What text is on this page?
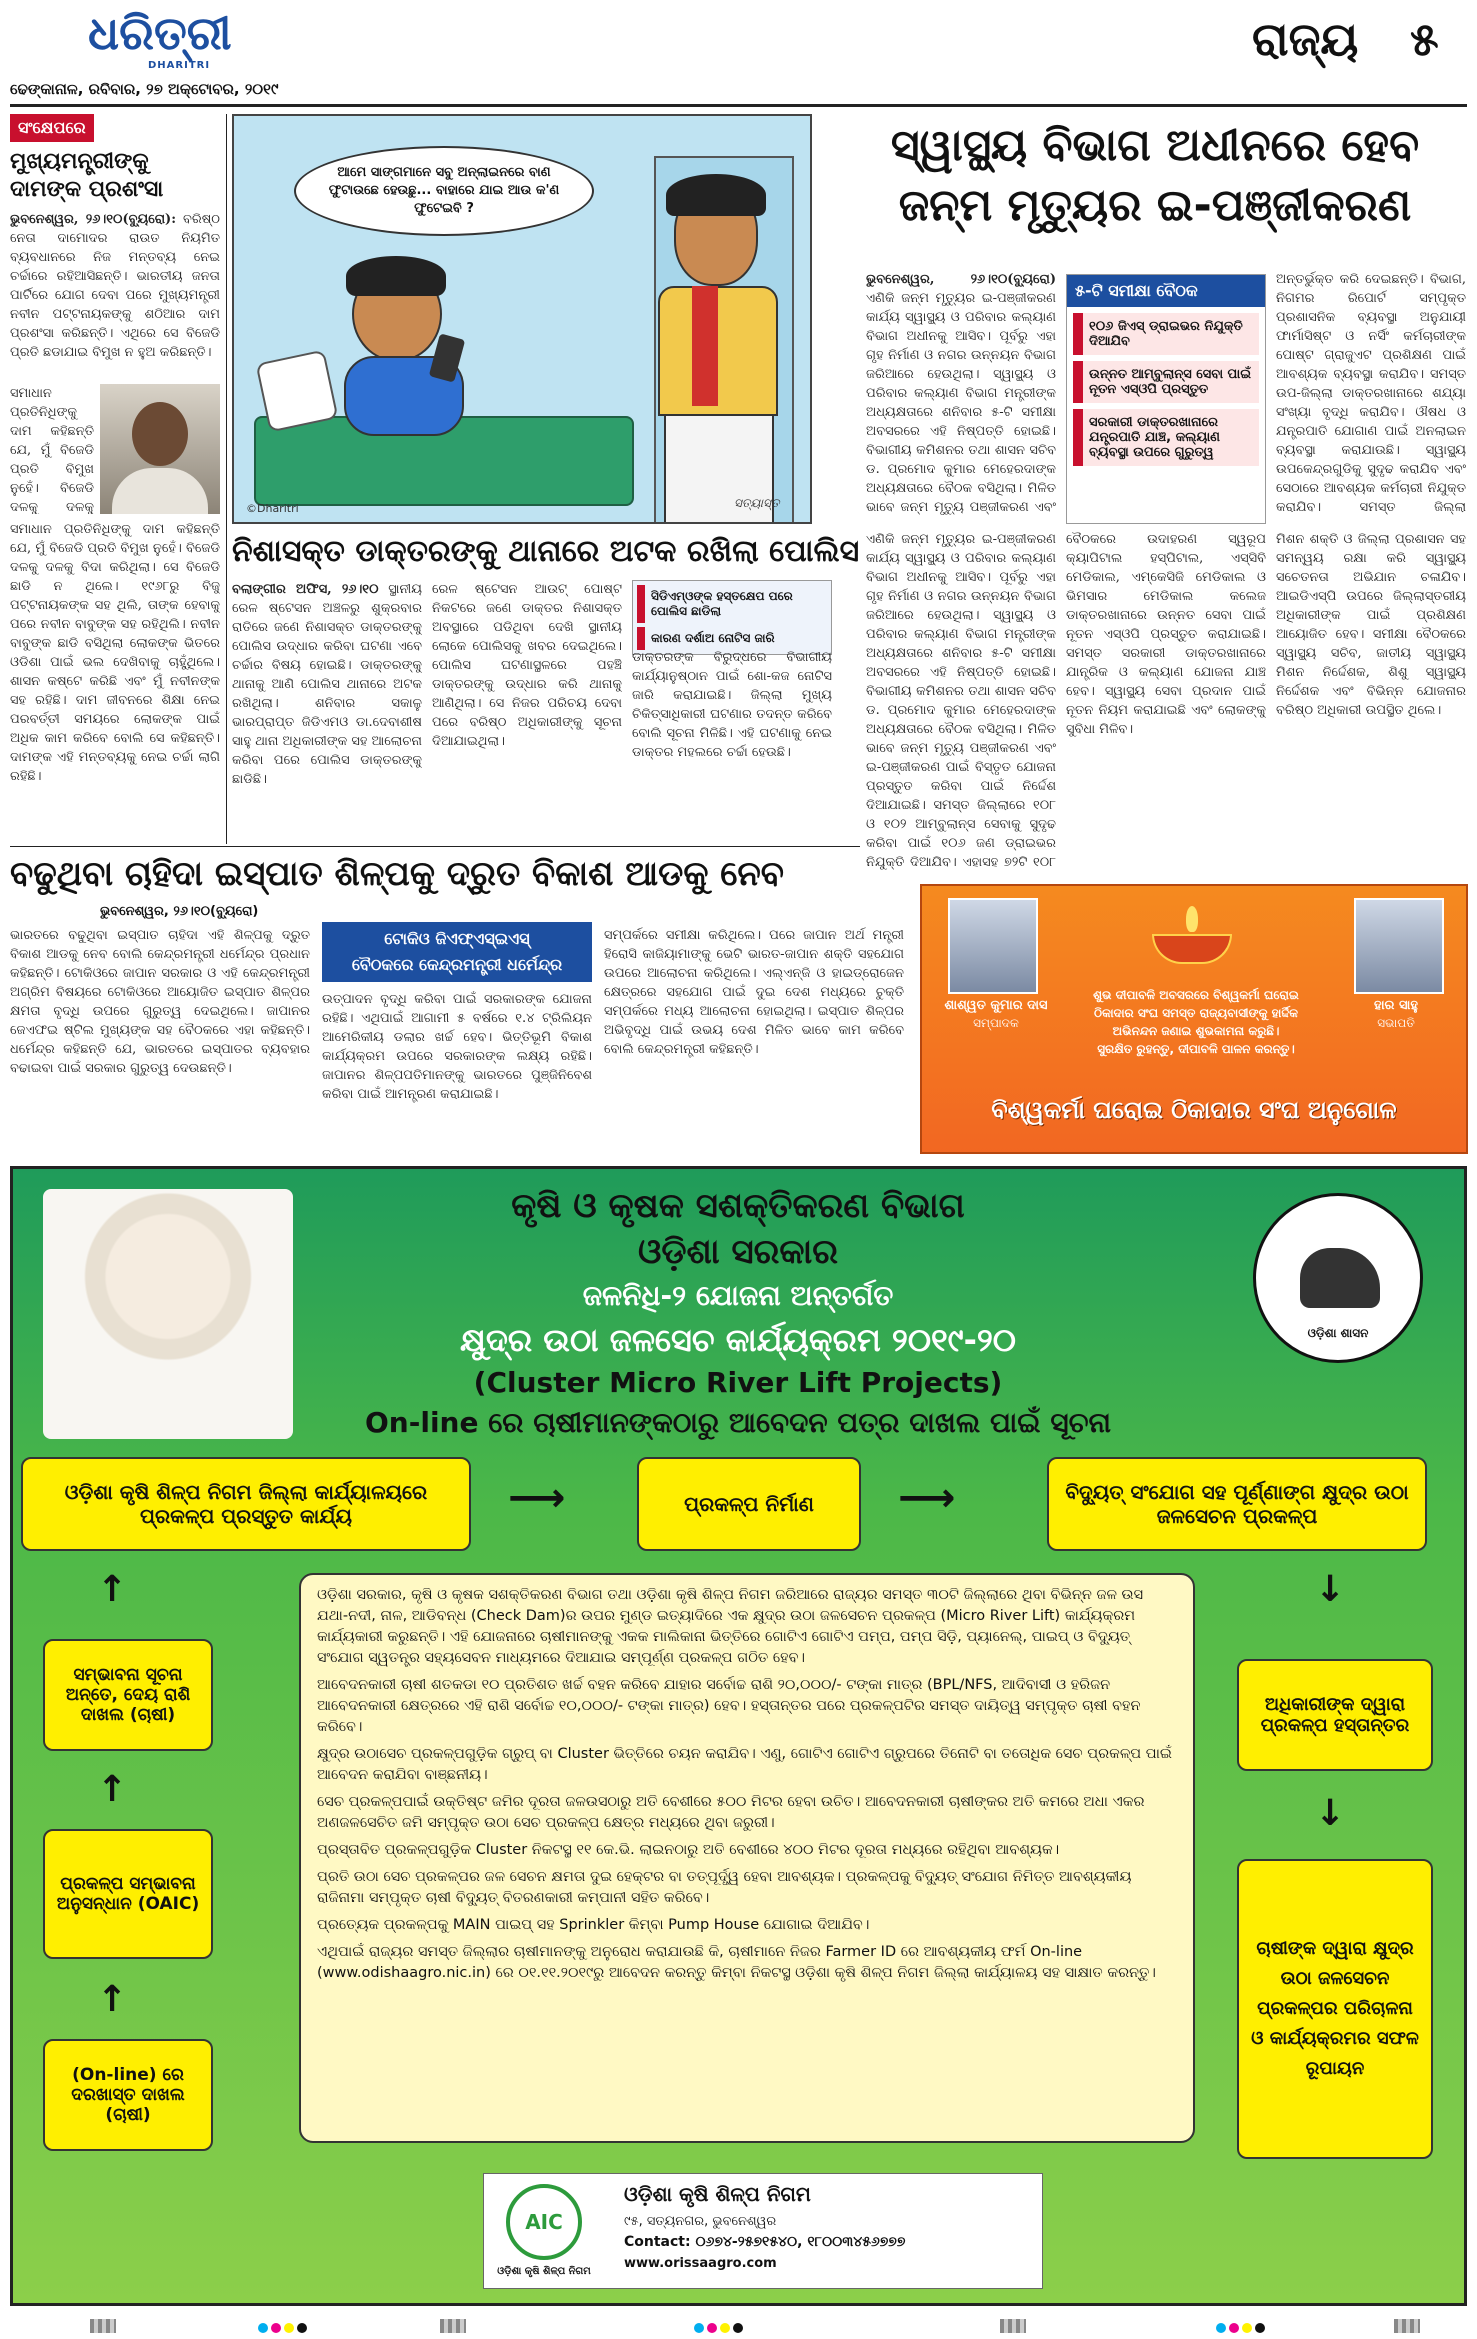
ଧରିତ୍ରୀ
DHARITRI
ଢେଙ୍କାନାଳ, ରବିବାର, ୨୭ ଅକ୍ଟୋବର, ୨୦୧୯
ରାଜ୍ୟ ୫
ସଂକ୍ଷେପରେ
ମୁଖ୍ୟମନ୍ତ୍ରୀଙ୍କୁ ଦାମଙ୍କ ପ୍ରଶଂସା
ଭୁବନେଶ୍ୱର, ୨୬।୧୦(ବ୍ୟୁରୋ): ବରିଷ୍ଠ ନେତା ଦାମୋଦର ରାଉତ ନିୟମିତ ବ୍ୟବଧାନରେ ନିଜ ମନ୍ତବ୍ୟ ନେଇ ଚର୍ଚ୍ଚାରେ ରହିଆସିଛନ୍ତି। ଭାରତୀୟ ଜନତା ପାର୍ଟିରେ ଯୋଗ ଦେବା ପରେ ମୁଖ୍ୟମନ୍ତ୍ରୀ ନବୀନ ପଟ୍ଟନାୟକଙ୍କୁ ଶଠିଆର ଦାମ ପ୍ରଶଂସା କରିଛନ୍ତି। ଏଥିରେ ସେ ବିଜେଡି ପ୍ରତି ଛଡାଯାଇ ବିମୁଖ ନ ହୁଅ କରିଛନ୍ତି।
ସମାଧାନ ପ୍ରତିନିଧିଙ୍କୁ ଦାମ କହିଛନ୍ତି ଯେ, ମୁଁ ବିଜେଡି ପ୍ରତି ବିମୁଖ ନୁହେଁ। ବିଜେଡି ଦଳକୁ ଦଳକୁ
ସମାଧାନ ପ୍ରତିନିଧିଙ୍କୁ ଦାମ କହିଛନ୍ତି ଯେ, ମୁଁ ବିଜେଡି ପ୍ରତି ବିମୁଖ ନୁହେଁ। ବିଜେଡି ଦଳକୁ ଦଳକୁ ବିଦା କରିଥିଲା। ସେ ବିଜେଡି ଛାଡି ନ ଥିଲେ। ୧୯୬୮ରୁ ବିଜୁ ପଟ୍ଟନାୟକଙ୍କ ସହ ଥିଲି, ତାଙ୍କ ହେବାକୁ ପରେ ନବୀନ ବାବୁଙ୍କ ସହ ରହିଥିଲି। ନବୀନ ବାବୁଙ୍କ ଛାଡି ବସିଥିଲା ଲୋକଙ୍କ ଭିତରେ ଓଡିଶା ପାଇଁ ଭଲ ଦେଖିବାକୁ ଚାହୁଁଥିଲେ। ଶାସନ କଷ୍ଟେ କରିଛି ଏବଂ ମୁଁ ନବୀନଙ୍କ ସହ ରହିଛି। ଦାମ ଜୀବନରେ ଶିକ୍ଷା ନେଇ ପରବର୍ତ୍ତୀ ସମୟରେ ଲୋକଙ୍କ ପାଇଁ ଅଧିକ କାମ କରିବେ ବୋଲି ସେ କହିଛନ୍ତି। ଦାମଙ୍କ ଏହି ମନ୍ତବ୍ୟକୁ ନେଇ ଚର୍ଚ୍ଚା ଲାଗି ରହିଛି।
ଆମେ ସାଙ୍ଗମାନେ ସବୁ ଅନ୍‌ଲାଇନରେ ବାଣ ଫୁଟାଉଛେ ହେଉଛୁ... ବାହାରେ ଯାଇ ଆଉ କ'ଣ ଫୁଟେଇବି ?
©Dharitri	ସତ୍ୟାସ୍ତ
ନିଶାସକ୍ତ ଡାକ୍ତରଙ୍କୁ ଥାନାରେ ଅଟକ ରଖିଲା ପୋଲିସ
ବଲାଙ୍ଗୀର ଅଫିସ, ୨୬।୧୦ ସ୍ଥାନୀୟ ରେଳ ଷ୍ଟେସନ ଅଞ୍ଚଳରୁ ଶୁକ୍ରବାର ରାତିରେ ଜଣେ ନିଶାସକ୍ତ ଡାକ୍ତରଙ୍କୁ ପୋଲିସ ଉଦ୍ଧାର କରିବା ଘଟଣା ଏବେ ଚର୍ଚ୍ଚାର ବିଷୟ ହୋଇଛି। ଡାକ୍ତରଙ୍କୁ ଥାନାକୁ ଆଣି ପୋଲିସ ଥାନାରେ ଅଟକ ରଖିଥିଲା। ଶନିବାର ସକାଳୁ ଭାରପ୍ରାପ୍ତ ଜିଡିଏମଓ ଡା.ଦେବାଶୀଷ ସାହୁ ଥାନା ଅଧିକାରୀଙ୍କ ସହ ଆଲୋଚନା କରିବା ପରେ ପୋଲିସ ଡାକ୍ତରଙ୍କୁ ଛାଡିଛି।
ରେଳ ଷ୍ଟେସନ ଆଉଟ୍‌ ପୋଷ୍ଟ ନିକଟରେ ଜଣେ ଡାକ୍ତର ନିଶାସକ୍ତ ଅବସ୍ଥାରେ ପଡିଥିବା ଦେଖି ସ୍ଥାନୀୟ ଲୋକେ ପୋଲିସକୁ ଖବର ଦେଇଥିଲେ। ପୋଲିସ ଘଟଣାସ୍ଥଳରେ ପହଞ୍ଚି ଡାକ୍ତରଙ୍କୁ ଉଦ୍ଧାର କରି ଥାନାକୁ ଆଣିଥିଲା। ସେ ନିଜର ପରିଚୟ ଦେବା ପରେ ବରିଷ୍ଠ ଅଧିକାରୀଙ୍କୁ ସୂଚନା ଦିଆଯାଇଥିଲା।
ସିଡିଏମ୍‌ଓଙ୍କ ହସ୍ତକ୍ଷେପ ପରେ ପୋଲିସ ଛାଡିଲା
କାରଣ ଦର୍ଶାଅ ନୋଟିସ ଜାରି
ଡାକ୍ତରଙ୍କ ବିରୁଦ୍ଧରେ ବିଭାଗୀୟ କାର୍ଯ୍ୟାନୁଷ୍ଠାନ ପାଇଁ ଶୋ-କଜ ନୋଟିସ ଜାରି କରାଯାଇଛି। ଜିଲ୍ଲା ମୁଖ୍ୟ ଚିକିତ୍ସାଧିକାରୀ ଘଟଣାର ତଦନ୍ତ କରିବେ ବୋଲି ସୂଚନା ମିଳିଛି। ଏହି ଘଟଣାକୁ ନେଇ ଡାକ୍ତର ମହଲରେ ଚର୍ଚ୍ଚା ହେଉଛି।
ସ୍ୱାସ୍ଥ୍ୟ ବିଭାଗ ଅଧୀନରେ ହେବ
ଜନ୍ମ ମୃତ୍ୟୁର ଇ-ପଞ୍ଜୀକରଣ
ଭୁବନେଶ୍ୱର, ୨୬।୧୦(ବ୍ୟୁରୋ) ଏଣିକି ଜନ୍ମ ମୃତ୍ୟୁର ଇ-ପଞ୍ଜୀକରଣ କାର୍ଯ୍ୟ ସ୍ୱାସ୍ଥ୍ୟ ଓ ପରିବାର କଲ୍ୟାଣ ବିଭାଗ ଅଧୀନକୁ ଆସିବ। ପୂର୍ବରୁ ଏହା ଗୃହ ନିର୍ମାଣ ଓ ନଗର ଉନ୍ନୟନ ବିଭାଗ ଜରିଆରେ ହେଉଥିଲା। ସ୍ୱାସ୍ଥ୍ୟ ଓ ପରିବାର କଲ୍ୟାଣ ବିଭାଗ ମନ୍ତ୍ରୀଙ୍କ ଅଧ୍ୟକ୍ଷତାରେ ଶନିବାର ୫-ଟି ସମୀକ୍ଷା ଅବସରରେ ଏହି ନିଷ୍ପତ୍ତି ହୋଇଛି। ବିଭାଗୀୟ କମିଶନର ତଥା ଶାସନ ସଚିବ ଡ. ପ୍ରମୋଦ କୁମାର ମେହେରଦାଙ୍କ ଅଧ୍ୟକ୍ଷତାରେ ବୈଠକ ବସିଥିଲା। ମିଳିତ ଭାବେ ଜନ୍ମ ମୃତ୍ୟୁ ପଞ୍ଜୀକରଣ ଏବଂ
୫-ଟି ସମୀକ୍ଷା ବୈଠକ
୧୦୬ ଜିଏସ୍ ଡ୍ରାଇଭର ନିଯୁକ୍ତି ଦିଆଯିବ
ଉନ୍ନତ ଆମ୍ବୁଲାନ୍ସ ସେବା ପାଇଁ ନୂତନ ଏସ୍‌ଓପି ପ୍ରସ୍ତୁତ
ସରକାରୀ ଡାକ୍ତରଖାନାରେ ଯନ୍ତ୍ରପାତି ଯାଞ୍ଚ, କଲ୍ୟାଣ ବ୍ୟବସ୍ଥା ଉପରେ ଗୁରୁତ୍ୱ
ଅନ୍ତର୍ଭୁକ୍ତ କରି ଦେଇଛନ୍ତି। ବିଭାଗ, ନିଗମର ରିପୋର୍ଟ ସମ୍ପୃକ୍ତ ପ୍ରଶାସନିକ ବ୍ୟବସ୍ଥା ଅନୁଯାୟୀ ଫାର୍ମାସିଷ୍ଟ ଓ ନର୍ସିଂ କର୍ମଚାରୀଙ୍କ ପୋଷ୍ଟ ଗ୍ରାଜୁଏଟ ପ୍ରଶିକ୍ଷଣ ପାଇଁ ଆବଶ୍ୟକ ବ୍ୟବସ୍ଥା କରାଯିବ। ସମସ୍ତ ଉପ-ଜିଲ୍ଲା ଡାକ୍ତରଖାନାରେ ଶଯ୍ୟା ସଂଖ୍ୟା ବୃଦ୍ଧି କରାଯିବ। ଔଷଧ ଓ ଯନ୍ତ୍ରପାତି ଯୋଗାଣ ପାଇଁ ଅନଲାଇନ ବ୍ୟବସ୍ଥା କରାଯାଉଛି। ସ୍ୱାସ୍ଥ୍ୟ ଉପକେନ୍ଦ୍ରଗୁଡିକୁ ସୁଦୃଢ କରାଯିବ ଏବଂ ସେଠାରେ ଆବଶ୍ୟକ କର୍ମଚାରୀ ନିଯୁକ୍ତ କରାଯିବ। ସମସ୍ତ ଜିଲ୍ଲା
ବୈଠକରେ ଉଦାହରଣ ସ୍ୱରୂପ କ୍ୟାପିଟାଲ ହସ୍ପିଟାଲ, ଏସ୍‌ସିବି ମେଡିକାଲ, ଏମ୍‌କେସିଜି ମେଡିକାଲ ଓ ଭିମସାର ମେଡିକାଲ କଲେଜ ଡାକ୍ତରଖାନାରେ ଉନ୍ନତ ସେବା ପାଇଁ ନୂତନ ଏସ୍‌ଓପି ପ୍ରସ୍ତୁତ କରାଯାଇଛି। ସମସ୍ତ ସରକାରୀ ଡାକ୍ତରଖାନାରେ ଯାନ୍ତ୍ରିକ ଓ କଲ୍ୟାଣ ଯୋଜନା ଯାଞ୍ଚ ହେବ। ସ୍ୱାସ୍ଥ୍ୟ ସେବା ପ୍ରଦାନ ପାଇଁ ନୂତନ ନିୟମ କରାଯାଇଛି ଏବଂ ଲୋକଙ୍କୁ ସୁବିଧା ମିଳିବ।
ମିଶନ ଶକ୍ତି ଓ ଜିଲ୍ଲା ପ୍ରଶାସନ ସହ ସମନ୍ୱୟ ରକ୍ଷା କରି ସ୍ୱାସ୍ଥ୍ୟ ସଚେତନତା ଅଭିଯାନ ଚଳାଯିବ। ଆଇଡିଏସ୍‌ପି ଉପରେ ଜିଲ୍ଲାସ୍ତରୀୟ ଅଧିକାରୀଙ୍କ ପାଇଁ ପ୍ରଶିକ୍ଷଣ ଆୟୋଜିତ ହେବ। ସମୀକ୍ଷା ବୈଠକରେ ସ୍ୱାସ୍ଥ୍ୟ ସଚିବ, ଜାତୀୟ ସ୍ୱାସ୍ଥ୍ୟ ମିଶନ ନିର୍ଦ୍ଦେଶକ, ଶିଶୁ ସ୍ୱାସ୍ଥ୍ୟ ନିର୍ଦ୍ଦେଶକ ଏବଂ ବିଭିନ୍ନ ଯୋଜନାର ବରିଷ୍ଠ ଅଧିକାରୀ ଉପସ୍ଥିତ ଥିଲେ।
ଏଣିକି ଜନ୍ମ ମୃତ୍ୟୁର ଇ-ପଞ୍ଜୀକରଣ କାର୍ଯ୍ୟ ସ୍ୱାସ୍ଥ୍ୟ ଓ ପରିବାର କଲ୍ୟାଣ ବିଭାଗ ଅଧୀନକୁ ଆସିବ। ପୂର୍ବରୁ ଏହା ଗୃହ ନିର୍ମାଣ ଓ ନଗର ଉନ୍ନୟନ ବିଭାଗ ଜରିଆରେ ହେଉଥିଲା। ସ୍ୱାସ୍ଥ୍ୟ ଓ ପରିବାର କଲ୍ୟାଣ ବିଭାଗ ମନ୍ତ୍ରୀଙ୍କ ଅଧ୍ୟକ୍ଷତାରେ ଶନିବାର ୫-ଟି ସମୀକ୍ଷା ଅବସରରେ ଏହି ନିଷ୍ପତ୍ତି ହୋଇଛି। ବିଭାଗୀୟ କମିଶନର ତଥା ଶାସନ ସଚିବ ଡ. ପ୍ରମୋଦ କୁମାର ମେହେରଦାଙ୍କ ଅଧ୍ୟକ୍ଷତାରେ ବୈଠକ ବସିଥିଲା। ମିଳିତ ଭାବେ ଜନ୍ମ ମୃତ୍ୟୁ ପଞ୍ଜୀକରଣ ଏବଂ ଇ-ପଞ୍ଜୀକରଣ ପାଇଁ ବିସ୍ତୃତ ଯୋଜନା ପ୍ରସ୍ତୁତ କରିବା ପାଇଁ ନିର୍ଦ୍ଦେଶ ଦିଆଯାଇଛି। ସମସ୍ତ ଜିଲ୍ଲାରେ ୧୦୮ ଓ ୧୦୨ ଆମ୍ବୁଲାନ୍ସ ସେବାକୁ ସୁଦୃଢ କରିବା ପାଇଁ ୧୦୬ ଜଣ ଡ୍ରାଇଭର ନିଯୁକ୍ତି ଦିଆଯିବ। ଏହାସହ ୭୨ଟି ୧୦୮
ବଢୁଥିବା ଚାହିଦା ଇସ୍ପାତ ଶିଳ୍ପକୁ ଦ୍ରୁତ ବିକାଶ ଆଡକୁ ନେବ
ଭୁବନେଶ୍ୱର, ୨୬।୧୦(ବ୍ୟୁରୋ)
ଭାରତରେ ବଢୁଥିବା ଇସ୍ପାତ ଚାହିଦା ଏହି ଶିଳ୍ପକୁ ଦ୍ରୁତ ବିକାଶ ଆଡକୁ ନେବ ବୋଲି କେନ୍ଦ୍ରମନ୍ତ୍ରୀ ଧର୍ମେନ୍ଦ୍ର ପ୍ରଧାନ କହିଛନ୍ତି। ଟୋକିଓରେ ଜାପାନ ସରକାର ଓ ଏହି କେନ୍ଦ୍ରମନ୍ତ୍ରୀ ଅଗ୍ରିମ ବିଷୟରେ ଟୋକିଓରେ ଆୟୋଜିତ ଇସ୍ପାତ ଶିଳ୍ପର କ୍ଷମତା ବୃଦ୍ଧି ଉପରେ ଗୁରୁତ୍ୱ ଦେଇଥିଲେ। ଜାପାନର ଜେଏଫଇ ଷ୍ଟିଲ ମୁଖ୍ୟଙ୍କ ସହ ବୈଠକରେ ଏହା କହିଛନ୍ତି। ଧର୍ମେନ୍ଦ୍ର କହିଛନ୍ତି ଯେ, ଭାରତରେ ଇସ୍ପାତର ବ୍ୟବହାର ବଢାଇବା ପାଇଁ ସରକାର ଗୁରୁତ୍ୱ ଦେଉଛନ୍ତି।
ଟୋକିଓ ଜିଏଫ୍‌ଏସ୍‌ଇଏସ୍
ବୈଠକରେ କେନ୍ଦ୍ରମନ୍ତ୍ରୀ ଧର୍ମେନ୍ଦ୍ର
ଉତ୍ପାଦନ ବୃଦ୍ଧି କରିବା ପାଇଁ ସରକାରଙ୍କ ଯୋଜନା ରହିଛି। ଏଥିପାଇଁ ଆଗାମୀ ୫ ବର୍ଷରେ ୧.୪ ଟ୍ରିଲିୟନ ଆମେରିକୀୟ ଡଲାର ଖର୍ଚ୍ଚ ହେବ। ଭିତ୍ତିଭୂମି ବିକାଶ କାର୍ଯ୍ୟକ୍ରମ ଉପରେ ସରକାରଙ୍କ ଲକ୍ଷ୍ୟ ରହିଛି। ଜାପାନର ଶିଳ୍ପପତିମାନଙ୍କୁ ଭାରତରେ ପୁଞ୍ଜିନିବେଶ କରିବା ପାଇଁ ଆମନ୍ତ୍ରଣ କରାଯାଇଛି।
ସମ୍ପର୍କରେ ସମୀକ୍ଷା କରିଥିଲେ। ପରେ ଜାପାନ ଅର୍ଥ ମନ୍ତ୍ରୀ ହିରୋସି କାଜିୟାମାଙ୍କୁ ଭେଟି ଭାରତ-ଜାପାନ ଶକ୍ତି ସହଯୋଗ ଉପରେ ଆଲୋଚନା କରିଥିଲେ। ଏଲ୍‌ଏନ୍‌ଜି ଓ ହାଇଡ୍ରୋଜେନ କ୍ଷେତ୍ରରେ ସହଯୋଗ ପାଇଁ ଦୁଇ ଦେଶ ମଧ୍ୟରେ ଚୁକ୍ତି ସମ୍ପର୍କରେ ମଧ୍ୟ ଆଲୋଚନା ହୋଇଥିଲା। ଇସ୍ପାତ ଶିଳ୍ପର ଅଭିବୃଦ୍ଧି ପାଇଁ ଉଭୟ ଦେଶ ମିଳିତ ଭାବେ କାମ କରିବେ ବୋଲି କେନ୍ଦ୍ରମନ୍ତ୍ରୀ କହିଛନ୍ତି।
ଶାଶ୍ୱତ କୁମାର ଦାସ
ସମ୍ପାଦକ
ହାର ସାହୁ
ସଭାପତି
ଶୁଭ ଦୀପାବଳି ଅବସରରେ ବିଶ୍ୱକର୍ମା ଘରୋଇ
ଠିକାଦାର ସଂଘ ସମସ୍ତ ରାଜ୍ୟବାସୀଙ୍କୁ ହାର୍ଦ୍ଦିକ
ଅଭିନନ୍ଦନ ଜଣାଇ ଶୁଭକାମନା କରୁଛି।
ସୁରକ୍ଷିତ ରୁହନ୍ତୁ, ଦୀପାବଳି ପାଳନ କରନ୍ତୁ।
ବିଶ୍ୱକର୍ମା ଘରୋଇ ଠିକାଦାର ସଂଘ ଅନୁଗୋଳ
କୃଷି ଓ କୃଷକ ସଶକ୍ତିକରଣ ବିଭାଗ
ଓଡ଼ିଶା ସରକାର
ଜଳନିଧି-୨ ଯୋଜନା ଅନ୍ତର୍ଗତ
କ୍ଷୁଦ୍ର ଉଠା ଜଳସେଚ କାର୍ଯ୍ୟକ୍ରମ ୨୦୧୯-୨୦
(Cluster Micro River Lift Projects)
On-line ରେ ଚାଷୀମାନଙ୍କଠାରୁ ଆବେଦନ ପତ୍ର ଦାଖଲ ପାଇଁ ସୂଚନା
ଓଡ଼ିଶା ଶାସନ
ଓଡ଼ିଶା କୃଷି ଶିଳ୍ପ ନିଗମ ଜିଲ୍ଲା କାର୍ଯ୍ୟାଳୟରେ ପ୍ରକଳ୍ପ ପ୍ରସ୍ତୁତ କାର୍ଯ୍ୟ	⟶	ପ୍ରକଳ୍ପ ନିର୍ମାଣ	⟶	ବିଦ୍ୟୁତ୍ ସଂଯୋଗ ସହ ପୂର୍ଣ୍ଣାଙ୍ଗ କ୍ଷୁଦ୍ର ଉଠା ଜଳସେଚନ ପ୍ରକଳ୍ପ
↑
ସମ୍ଭାବନା ସୂଚନା ଅନ୍ତେ, ଦେୟ ରାଶି ଦାଖଲ (ଚାଷୀ)
↑
ପ୍ରକଳ୍ପ ସମ୍ଭାବନା ଅନୁସନ୍ଧାନ (OAIC)
↑
(On-line) ରେ ଦରଖାସ୍ତ ଦାଖଲ (ଚାଷୀ)
↓
ଅଧିକାରୀଙ୍କ ଦ୍ୱାରା ପ୍ରକଳ୍ପ ହସ୍ତାନ୍ତର
↓
ଚାଷୀଙ୍କ ଦ୍ୱାରା କ୍ଷୁଦ୍ର ଉଠା ଜଳସେଚନ ପ୍ରକଳ୍ପର ପରିଚାଳନା ଓ କାର୍ଯ୍ୟକ୍ରମର ସଫଳ ରୂପାୟନ

ଓଡ଼ିଶା ସରକାର, କୃଷି ଓ କୃଷକ ସଶକ୍ତିକରଣ ବିଭାଗ ତଥା ଓଡ଼ିଶା କୃଷି ଶିଳ୍ପ ନିଗମ ଜରିଆରେ ରାଜ୍ୟର ସମସ୍ତ ୩୦ଟି ଜିଲ୍ଲାରେ ଥିବା ବିଭିନ୍ନ ଜଳ ଉସ ଯଥା-ନଦୀ, ନାଳ, ଆଡିବନ୍ଧ (Check Dam)ର ଉପର ମୁଣ୍ଡ ଇତ୍ୟାଦିରେ ଏକ କ୍ଷୁଦ୍ର ଉଠା ଜଳସେଚନ ପ୍ରକଳ୍ପ (Micro River Lift) କାର୍ଯ୍ୟକ୍ରମ କାର୍ଯ୍ୟକାରୀ କରୁଛନ୍ତି। ଏହି ଯୋଜନାରେ ଚାଷୀମାନଙ୍କୁ ଏକକ ମାଲିକାନା ଭିତ୍ତିରେ ଗୋଟିଏ ଗୋଟିଏ ପମ୍ପ, ପମ୍ପ ସିଡ଼ି, ପ୍ୟାନେଲ୍, ପାଇପ୍ ଓ ବିଦ୍ୟୁତ୍ ସଂଯୋଗ ସ୍ୱତନ୍ତ୍ର ସହ୍ୟସେବନ ମାଧ୍ୟମରେ ଦିଆଯାଇ ସମ୍ପୂର୍ଣ୍ଣ ପ୍ରକଳ୍ପ ଗଠିତ ହେବ।

ଆବେଦନକାରୀ ଚାଷୀ ଶତକଡା ୧୦ ପ୍ରତିଶତ ଖର୍ଚ୍ଚ ବହନ କରିବେ ଯାହାର ସର୍ବୋଚ୍ଚ ରାଶି ୨୦,୦୦୦/- ଟଙ୍କା ମାତ୍ର (BPL/NFS, ଆଦିବାସୀ ଓ ହରିଜନ ଆବେଦନକାରୀ କ୍ଷେତ୍ରରେ ଏହି ରାଶି ସର୍ବୋଚ୍ଚ ୧୦,୦୦୦/- ଟଙ୍କା ମାତ୍ର) ହେବ। ହସ୍ତାନ୍ତର ପରେ ପ୍ରକଳ୍ପଟିର ସମସ୍ତ ଦାୟିତ୍ୱ ସମ୍ପୃକ୍ତ ଚାଷୀ ବହନ କରିବେ।

କ୍ଷୁଦ୍ର ଉଠାସେଚ ପ୍ରକଳ୍ପଗୁଡ଼ିକ ଗ୍ରୁପ୍ ବା Cluster ଭିତ୍ତିରେ ଚୟନ କରାଯିବ। ଏଣୁ, ଗୋଟିଏ ଗୋଟିଏ ଗ୍ରୁପରେ ତିନୋଟି ବା ତତୋଧିକ ସେଚ ପ୍ରକଳ୍ପ ପାଇଁ ଆବେଦନ କରାଯିବା ବାଞ୍ଛନୀୟ।

ସେଚ ପ୍ରକଳ୍ପପାଇଁ ଉକ୍ତିଷ୍ଟ ଜମିର ଦୂରତା ଜଳଉସଠାରୁ ଅତି ବେଶୀରେ ୫୦୦ ମିଟର ହେବା ଉଚିତ। ଆବେଦନକାରୀ ଚାଷୀଙ୍କର ଅତି କମରେ ଅଧା ଏକର ଅଣଜଳସେଚିତ ଜମି ସମ୍ପୃକ୍ତ ଉଠା ସେଚ ପ୍ରକଳ୍ପ କ୍ଷେତ୍ର ମଧ୍ୟରେ ଥିବା ଜରୁରୀ।

ପ୍ରସ୍ତାବିତ ପ୍ରକଳ୍ପଗୁଡ଼ିକ Cluster ନିକଟସ୍ଥ ୧୧ କେ.ଭି. ଲାଇନଠାରୁ ଅତି ବେଶୀରେ ୪୦୦ ମିଟର ଦୂରତା ମଧ୍ୟରେ ରହିଥିବା ଆବଶ୍ୟକ।

ପ୍ରତି ଉଠା ସେଚ ପ୍ରକଳ୍ପର ଜଳ ସେଚନ କ୍ଷମତା ଦୁଇ ହେକ୍ଟର ବା ତତ୍ପୂର୍ଦ୍ଧ୍ୱ ହେବା ଆବଶ୍ୟକ। ପ୍ରକଳ୍ପକୁ ବିଦ୍ୟୁତ୍ ସଂଯୋଗ ନିମିତ୍ତ ଆବଶ୍ୟକୀୟ ରାଜିନାମା ସମ୍ପୃକ୍ତ ଚାଷୀ ବିଦ୍ୟୁତ୍ ବିତରଣକାରୀ କମ୍ପାନୀ ସହିତ କରିବେ।

ପ୍ରତ୍ୟେକ ପ୍ରକଳ୍ପକୁ MAIN ପାଇପ୍ ସହ Sprinkler କିମ୍ବା Pump House ଯୋଗାଇ ଦିଆଯିବ।

ଏଥିପାଇଁ ରାଜ୍ୟର ସମସ୍ତ ଜିଲ୍ଲାର ଚାଷୀମାନଙ୍କୁ ଅନୁରୋଧ କରାଯାଉଛି କି, ଚାଷୀମାନେ ନିଜର Farmer ID ରେ ଆବଶ୍ୟକୀୟ ଫର୍ମ On-line (www.odishaagro.nic.in) ରେ ୦୧.୧୧.୨୦୧୯ରୁ ଆବେଦନ କରନ୍ତୁ କିମ୍ବା ନିକଟସ୍ଥ ଓଡ଼ିଶା କୃଷି ଶିଳ୍ପ ନିଗମ ଜିଲ୍ଲା କାର୍ଯ୍ୟାଳୟ ସହ ସାକ୍ଷାତ କରନ୍ତୁ।

AIC
ଓଡ଼ିଶା କୃଷି ଶିଳ୍ପ ନିଗମ
ଓଡ଼ିଶା କୃଷି ଶିଳ୍ପ ନିଗମ
୯୫, ସତ୍ୟନଗର, ଭୁବନେଶ୍ୱର
Contact: ୦୬୭୪-୨୫୭୧୫୪୦, ୧୮୦୦୩୪୫୬୭୭୭
www.orissaagro.com
